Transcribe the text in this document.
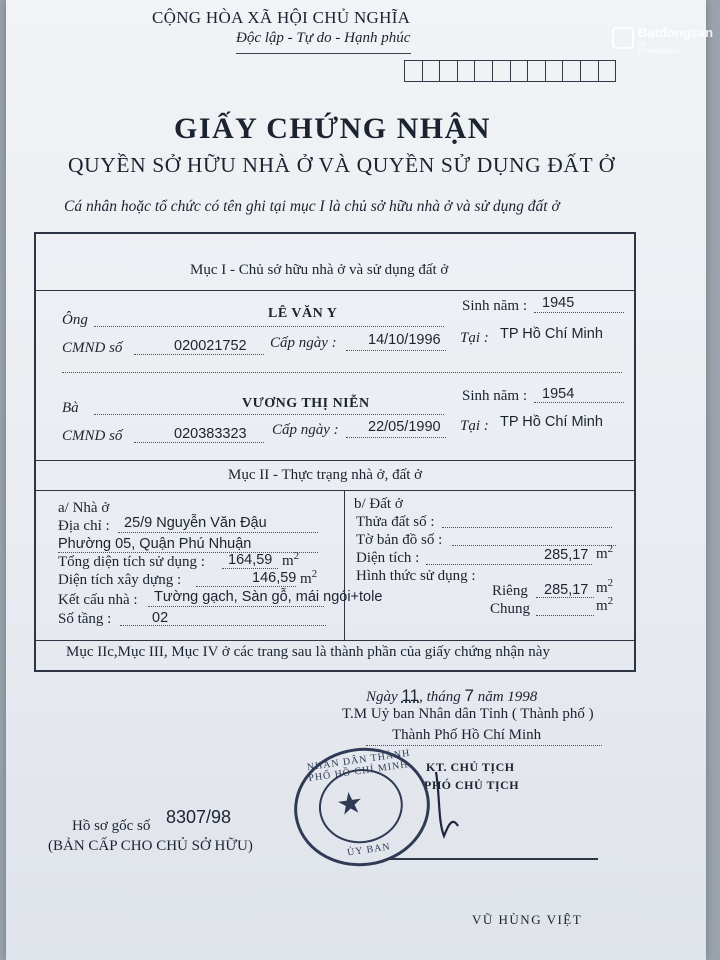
CỘNG HÒA XÃ HỘI CHỦ NGHĨA
Độc lập - Tự do - Hạnh phúc	Batdongsan
by PropertyGuru
GIẤY CHỨNG NHẬN
QUYỀN SỞ HỮU NHÀ Ở VÀ QUYỀN SỬ DỤNG ĐẤT Ở
Cá nhân hoặc tổ chức có tên ghi tại mục I là chủ sở hữu nhà ở và sử dụng đất ở
Mục I - Chủ sở hữu nhà ở và sử dụng đất ở
Ông	LÊ VĂN Y	Sinh năm : 1945
CMND số	020021752 Cấp ngày : 14/10/1996 Tại : TP Hồ Chí Minh
Bà	VƯƠNG THỊ NIỄN	Sinh năm : 1954
CMND số	020383323 Cấp ngày : 22/05/1990 Tại : TP Hồ Chí Minh
Mục II - Thực trạng nhà ở, đất ở
a/ Nhà ở
Địa chỉ : 25/9 Nguyễn Văn Đậu
Phường 05, Quận Phú Nhuận
Tổng diện tích sử dụng : 164,59 $m^2$
Diện tích xây dựng :	146,59 $m^2$
Kết cấu nhà : Tường gạch, Sàn gỗ, mái ngói+tole
Số tầng :	02
b/ Đất ở
Thửa đất số :
Tờ bản đồ số :
Diện tích :	285,17 $m^2$
Hình thức sử dụng :
Riêng 285,17 $m^2$
Chung	$m^2$
Mục IIc,Mục III, Mục IV ở các trang sau là thành phần của giấy chứng nhận này
Ngày 11, tháng 7 năm 1998
T.M Uỷ ban Nhân dân Tỉnh ( Thành phố )
Thành Phố Hồ Chí Minh
KT. CHỦ TỊCH
PHÓ CHỦ TỊCH
★
NHÂN DÂN THÀNH PHỐ HỒ CHÍ MINH
ỦY BAN
VŨ HÙNG VIỆT
Hồ sơ gốc số 8307/98
(BẢN CẤP CHO CHỦ SỞ HỮU)
